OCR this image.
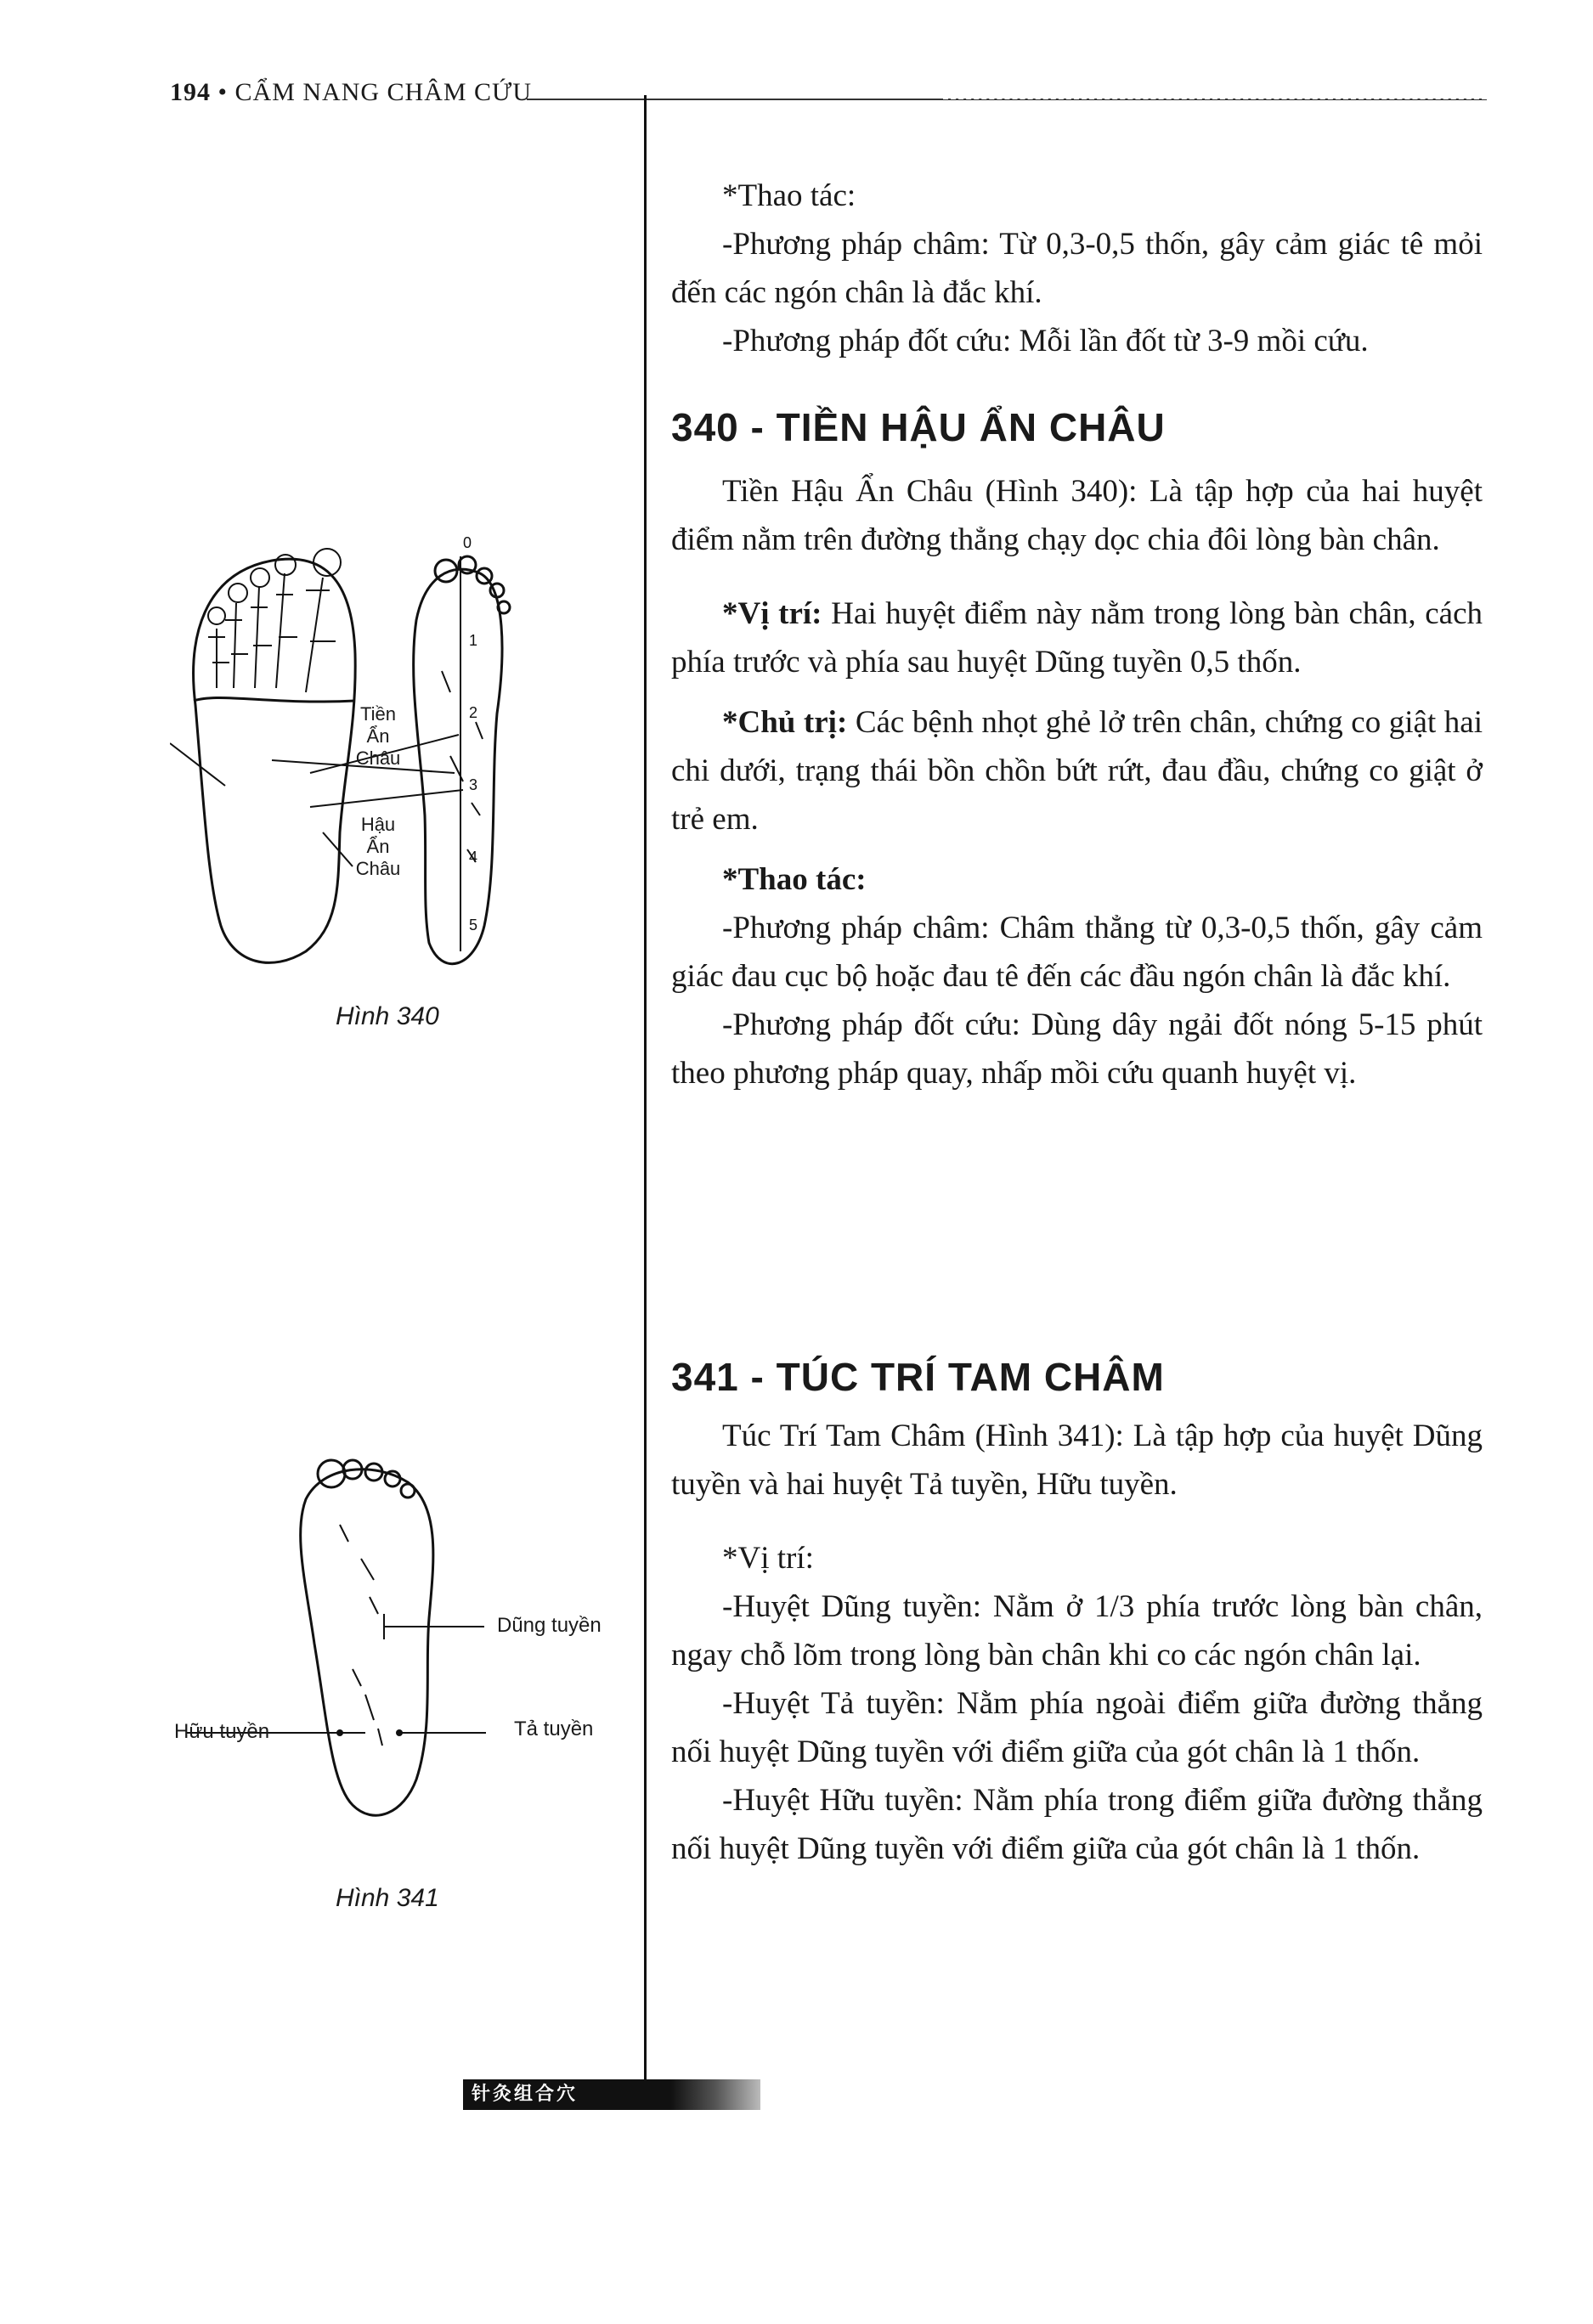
194 • CẨM NANG CHÂM CỨU

*Thao tác:

-Phương pháp châm: Từ 0,3-0,5 thốn, gây cảm giác tê mỏi đến các ngón chân là đắc khí.

-Phương pháp đốt cứu: Mỗi lần đốt từ 3-9 mồi cứu.

340 - TIỀN HẬU ẨN CHÂU

Tiền Hậu Ẩn Châu (Hình 340): Là tập hợp của hai huyệt điểm nằm trên đường thẳng chạy dọc chia đôi lòng bàn chân.

*Vị trí: Hai huyệt điểm này nằm trong lòng bàn chân, cách phía trước và phía sau huyệt Dũng tuyền 0,5 thốn.

*Chủ trị: Các bệnh nhọt ghẻ lở trên chân, chứng co giật hai chi dưới, trạng thái bồn chồn bứt rứt, đau đầu, chứng co giật ở trẻ em.

*Thao tác:

-Phương pháp châm: Châm thẳng từ 0,3-0,5 thốn, gây cảm giác đau cục bộ hoặc đau tê đến các đầu ngón chân là đắc khí.

-Phương pháp đốt cứu: Dùng dây ngải đốt nóng 5-15 phút theo phương pháp quay, nhấp mồi cứu quanh huyệt vị.

341 - TÚC TRÍ TAM CHÂM

Túc Trí Tam Châm (Hình 341): Là tập hợp của huyệt Dũng tuyền và hai huyệt Tả tuyền, Hữu tuyền.

*Vị trí:

-Huyệt Dũng tuyền: Nằm ở 1/3 phía trước lòng bàn chân, ngay chỗ lõm trong lòng bàn chân khi co các ngón chân lại.

-Huyệt Tả tuyền: Nằm phía ngoài điểm giữa đường thẳng nối huyệt Dũng tuyền với điểm giữa của gót chân là 1 thốn.

-Huyệt Hữu tuyền: Nằm phía trong điểm giữa đường thẳng nối huyệt Dũng tuyền với điểm giữa của gót chân là 1 thốn.

0
1
2
3
4
5
Tiền
Ẩn
Châu
Hậu
Ẩn
Châu
Hình 340
Dũng tuyền
Hữu tuyền	Tả tuyền
Hình 341
针灸组合穴
